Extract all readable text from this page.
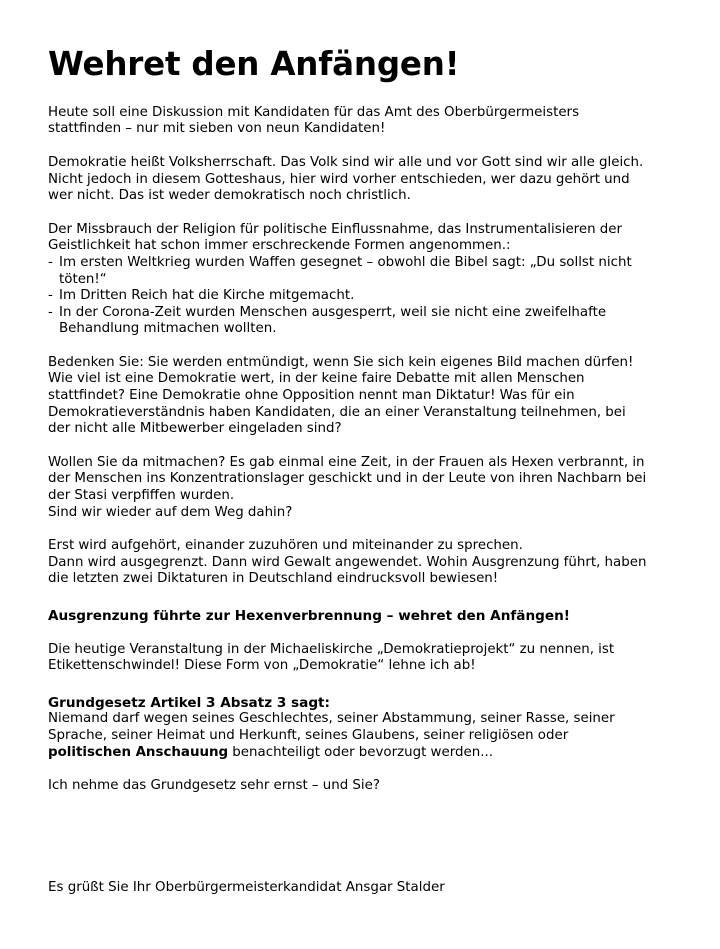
Wehret den Anfängen!

Heute soll eine Diskussion mit Kandidaten für das Amt des Oberbürgermeisters stattfinden – nur mit sieben von neun Kandidaten!

Demokratie heißt Volksherrschaft. Das Volk sind wir alle und vor Gott sind wir alle gleich. Nicht jedoch in diesem Gotteshaus, hier wird vorher entschieden, wer dazu gehört und wer nicht. Das ist weder demokratisch noch christlich.

Der Missbrauch der Religion für politische Einflussnahme, das Instrumentalisieren der Geistlichkeit hat schon immer erschreckende Formen angenommen.:

- Im ersten Weltkrieg wurden Waffen gesegnet – obwohl die Bibel sagt: „Du sollst nicht töten!“
- Im Dritten Reich hat die Kirche mitgemacht.
- In der Corona-Zeit wurden Menschen ausgesperrt, weil sie nicht eine zweifelhafte Behandlung mitmachen wollten.

Bedenken Sie: Sie werden entmündigt, wenn Sie sich kein eigenes Bild machen dürfen! Wie viel ist eine Demokratie wert, in der keine faire Debatte mit allen Menschen stattfindet? Eine Demokratie ohne Opposition nennt man Diktatur! Was für ein Demokratieverständnis haben Kandidaten, die an einer Veranstaltung teilnehmen, bei der nicht alle Mitbewerber eingeladen sind?

Wollen Sie da mitmachen? Es gab einmal eine Zeit, in der Frauen als Hexen verbrannt, in der Menschen ins Konzentrationslager geschickt und in der Leute von ihren Nachbarn bei der Stasi verpfiffen wurden.

Sind wir wieder auf dem Weg dahin?

Erst wird aufgehört, einander zuzuhören und miteinander zu sprechen.

Dann wird ausgegrenzt. Dann wird Gewalt angewendet. Wohin Ausgrenzung führt, haben die letzten zwei Diktaturen in Deutschland eindrucksvoll bewiesen!

Ausgrenzung führte zur Hexenverbrennung – wehret den Anfängen!

Die heutige Veranstaltung in der Michaeliskirche „Demokratieprojekt“ zu nennen, ist Etikettenschwindel! Diese Form von „Demokratie“ lehne ich ab!

Grundgesetz Artikel 3 Absatz 3 sagt:

Niemand darf wegen seines Geschlechtes, seiner Abstammung, seiner Rasse, seiner Sprache, seiner Heimat und Herkunft, seines Glaubens, seiner religiösen oder politischen Anschauung benachteiligt oder bevorzugt werden...

Ich nehme das Grundgesetz sehr ernst – und Sie?

Es grüßt Sie Ihr Oberbürgermeisterkandidat Ansgar Stalder
